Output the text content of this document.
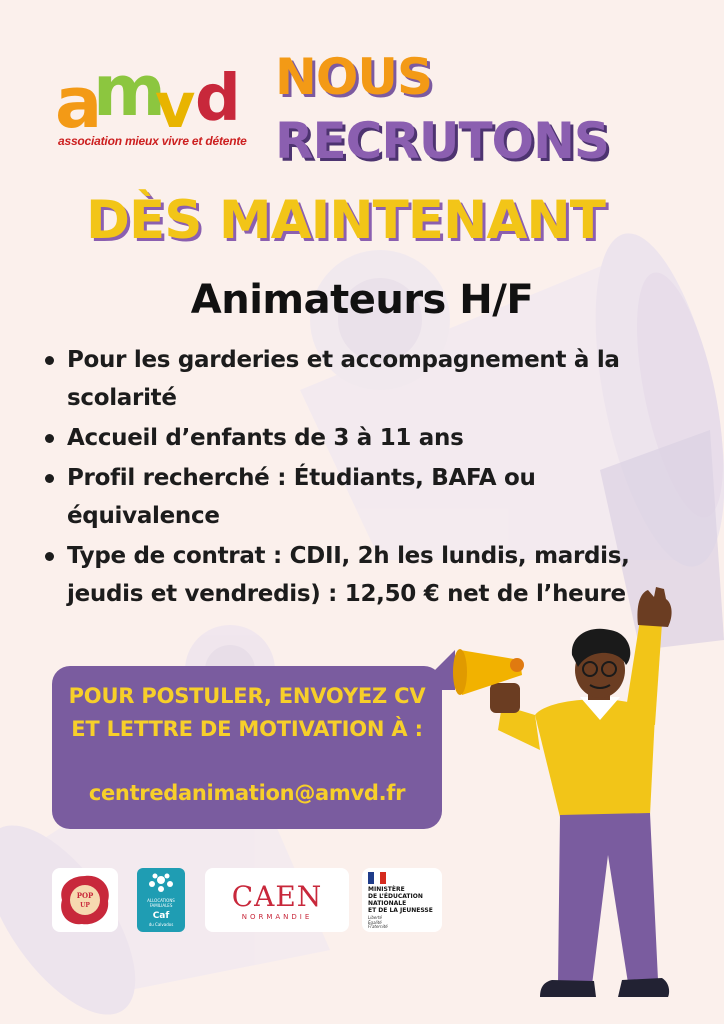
a
m
v d
association mieux vivre et détente
NOUS
RECRUTONS
DÈS MAINTENANT
Animateurs H/F
Pour les garderies et accompagnement à la scolarité
Accueil d’enfants de 3 à 11 ans
Profil recherché : Étudiants, BAFA ou équivalence
Type de contrat : CDII, 2h les lundis, mardis, jeudis et vendredis) : 12,50 € net de l’heure
POUR POSTULER, ENVOYEZ CV ET LETTRE DE MOTIVATION À :
centredanimation@amvd.fr
POP
UP
ALLOCATIONS FAMILIALES
Caf
du Calvados
CAEN
NORMANDIE
MINISTÈRE
DE L’ÉDUCATION
NATIONALE
ET DE LA JEUNESSE
Liberté
Égalité
Fraternité
